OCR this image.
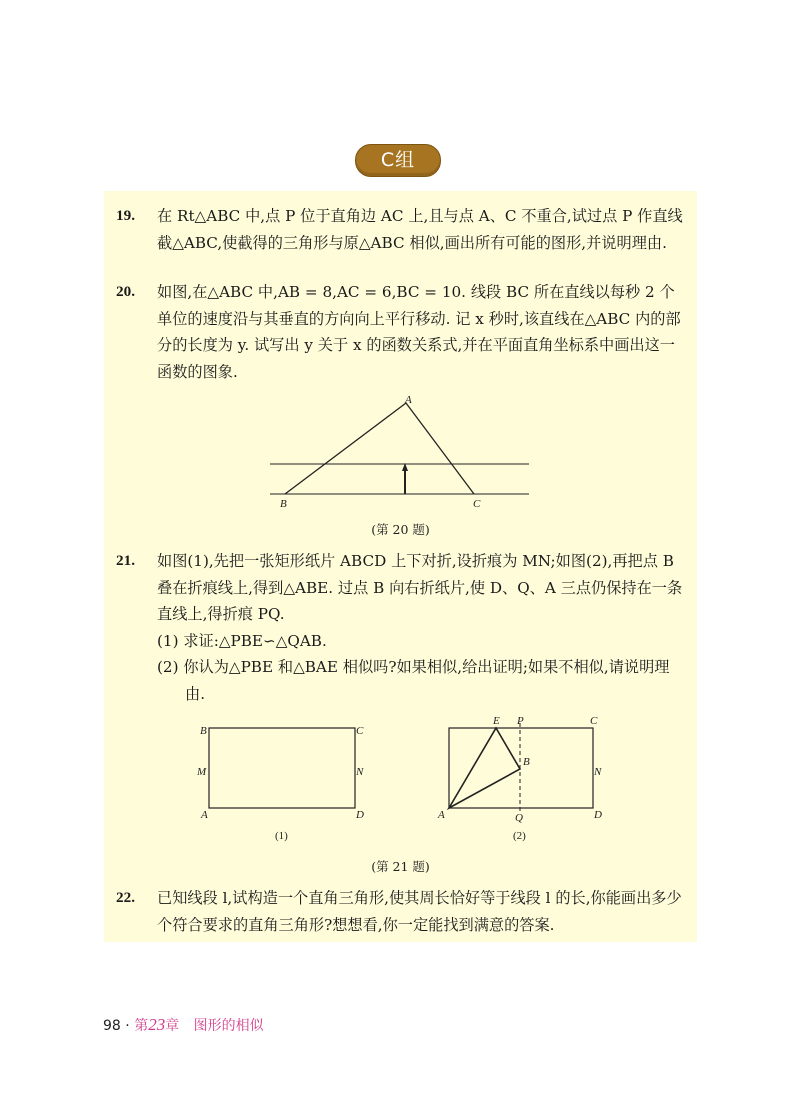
C组
19. 在 Rt△ABC 中,点 P 位于直角边 AC 上,且与点 A、C 不重合,试过点 P 作直线截△ABC,使截得的三角形与原△ABC 相似,画出所有可能的图形,并说明理由.
20. 如图,在△ABC 中,AB = 8,AC = 6,BC = 10. 线段 BC 所在直线以每秒 2 个单位的速度沿与其垂直的方向向上平行移动. 记 x 秒时,该直线在△ABC 内的部分的长度为 y. 试写出 y 关于 x 的函数关系式,并在平面直角坐标系中画出这一函数的图象.
A
B	C
(第 20 题)
21. 如图(1),先把一张矩形纸片 ABCD 上下对折,设折痕为 MN;如图(2),再把点 B 叠在折痕线上,得到△ABE. 过点 B 向右折纸片,使 D、Q、A 三点仍保持在一条直线上,得折痕 PQ.
(1) 求证:△PBE∽△QAB.
(2) 你认为△PBE 和△BAE 相似吗?如果相似,给出证明;如果不相似,请说明理由.
B	C
M	N
A	D
(1)
E P	C
B
N
A	Q	D
(2)
(第 21 题)
22. 已知线段 l,试构造一个直角三角形,使其周长恰好等于线段 l 的长,你能画出多少个符合要求的直角三角形?想想看,你一定能找到满意的答案.
98 · 第23章 图形的相似
